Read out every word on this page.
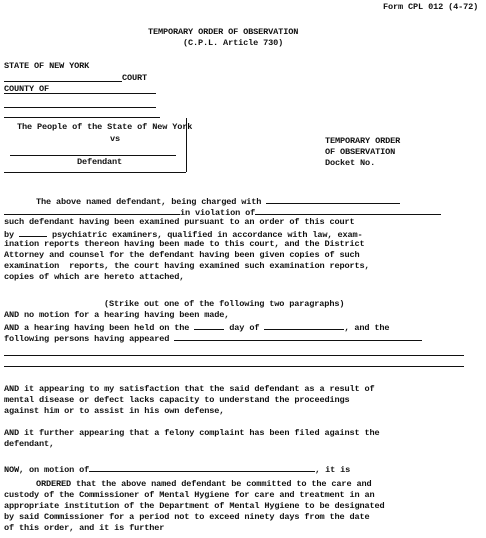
Form CPL 012 (4-72)
TEMPORARY ORDER OF OBSERVATION
(C.P.L. Article 730)
STATE OF NEW YORK
COURT
COUNTY OF
The People of the State of New York
vs
Defendant
TEMPORARY ORDER
OF OBSERVATION
Docket No.
The above named defendant, being charged with
in violation of
such defendant having been examined pursuant to an order of this court
by	psychiatric examiners, qualified in accordance with law, exam-
ination reports thereon having been made to this court, and the District
Attorney and counsel for the defendant having been given copies of such
examination  reports, the court having examined such examination reports,
copies of which are hereto attached,
(Strike out one of the following two paragraphs)
AND no motion for a hearing having been made,
AND a hearing having been held on the	day of	, and the
following persons having appeared
AND it appearing to my satisfaction that the said defendant as a result of
mental disease or defect lacks capacity to understand the proceedings
against him or to assist in his own defense,
AND it further appearing that a felony complaint has been filed against the
defendant,
NOW, on motion of	, it is
ORDERED that the above named defendant be committed to the care and
custody of the Commissioner of Mental Hygiene for care and treatment in an
appropriate institution of the Department of Mental Hygiene to be designated
by said Commissioner for a period not to exceed ninety days from the date
of this order, and it is further
